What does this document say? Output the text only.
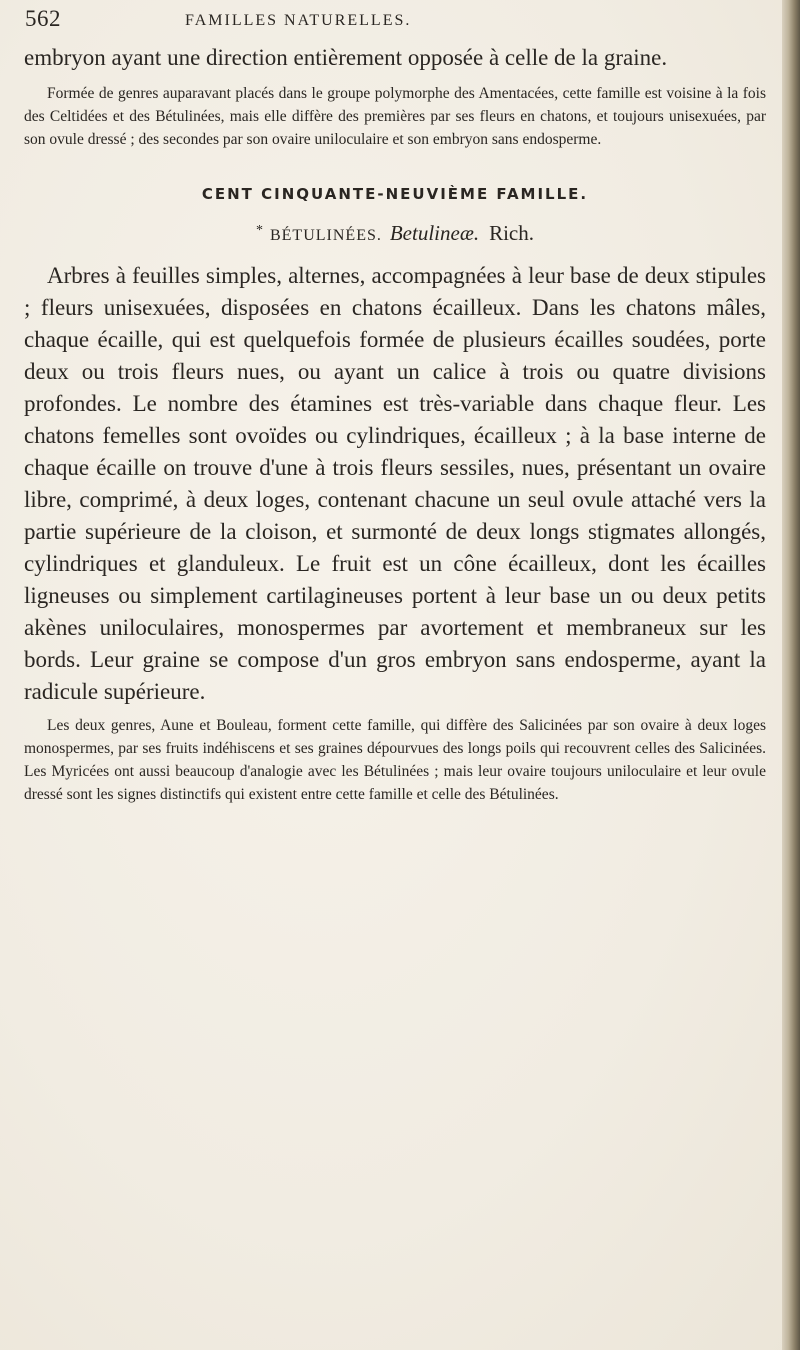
562	FAMILLES NATURELLES.

embryon ayant une direction entièrement opposée à celle de la graine.

Formée de genres auparavant placés dans le groupe polymorphe des Amentacées, cette famille est voisine à la fois des Celtidées et des Bétulinées, mais elle diffère des premières par ses fleurs en chatons, et toujours unisexuées, par son ovule dressé ; des secondes par son ovaire uniloculaire et son embryon sans endosperme.

CENT CINQUANTE-NEUVIÈME FAMILLE.

* BÉTULINÉES. Betulineæ. Rich.

Arbres à feuilles simples, alternes, accompagnées à leur base de deux stipules ; fleurs unisexuées, disposées en chatons écailleux. Dans les chatons mâles, chaque écaille, qui est quelquefois formée de plusieurs écailles soudées, porte deux ou trois fleurs nues, ou ayant un calice à trois ou quatre divisions profondes. Le nombre des étamines est très-variable dans chaque fleur. Les chatons femelles sont ovoïdes ou cylindriques, écailleux ; à la base interne de chaque écaille on trouve d'une à trois fleurs sessiles, nues, présentant un ovaire libre, comprimé, à deux loges, contenant chacune un seul ovule attaché vers la partie supérieure de la cloison, et surmonté de deux longs stigmates allongés, cylindriques et glanduleux. Le fruit est un cône écailleux, dont les écailles ligneuses ou simplement cartilagineuses portent à leur base un ou deux petits akènes uniloculaires, monospermes par avortement et membraneux sur les bords. Leur graine se compose d'un gros embryon sans endosperme, ayant la radicule supérieure.

Les deux genres, Aune et Bouleau, forment cette famille, qui diffère des Salicinées par son ovaire à deux loges monospermes, par ses fruits indéhiscens et ses graines dépourvues des longs poils qui recouvrent celles des Salicinées. Les Myricées ont aussi beaucoup d'analogie avec les Bétulinées ; mais leur ovaire toujours uniloculaire et leur ovule dressé sont les signes distinctifs qui existent entre cette famille et celle des Bétulinées.
